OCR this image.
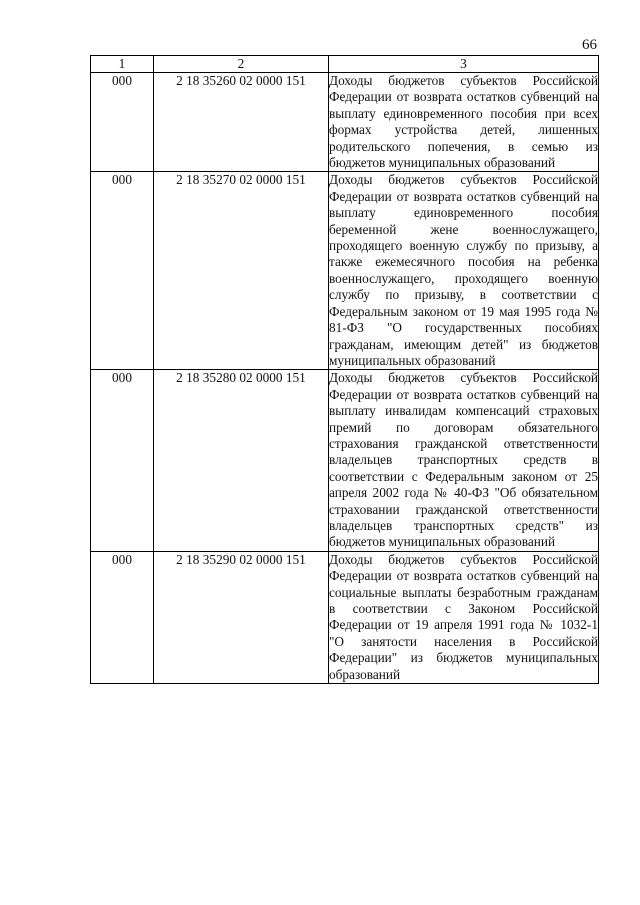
66
1	2	3
000	2 18 35260 02 0000 151	Доходы бюджетов субъектов Российской Федерации от возврата остатков субвенций на выплату единовременного пособия при всех формах устройства детей, лишенных родительского попечения, в семью из бюджетов муниципальных образований
000	2 18 35270 02 0000 151	Доходы бюджетов субъектов Российской Федерации от возврата остатков субвенций на выплату единовременного пособия беременной жене военнослужащего, проходящего военную службу по призыву, а также ежемесячного пособия на ребенка военнослужащего, проходящего военную службу по призыву, в соответствии с Федеральным законом от 19 мая 1995 года № 81-ФЗ "О государственных пособиях гражданам, имеющим детей" из бюджетов муниципальных образований
000	2 18 35280 02 0000 151	Доходы бюджетов субъектов Российской Федерации от возврата остатков субвенций на выплату инвалидам компенсаций страховых премий по договорам обязательного страхования гражданской ответственности владельцев транспортных средств в соответствии с Федеральным законом от 25 апреля 2002 года № 40-ФЗ "Об обязательном страховании гражданской ответственности владельцев транспортных средств" из бюджетов муниципальных образований
000	2 18 35290 02 0000 151	Доходы бюджетов субъектов Российской Федерации от возврата остатков субвенций на социальные выплаты безработным гражданам в соответствии с Законом Российской Федерации от 19 апреля 1991 года № 1032-1 "О занятости населения в Российской Федерации" из бюджетов муниципальных образований
